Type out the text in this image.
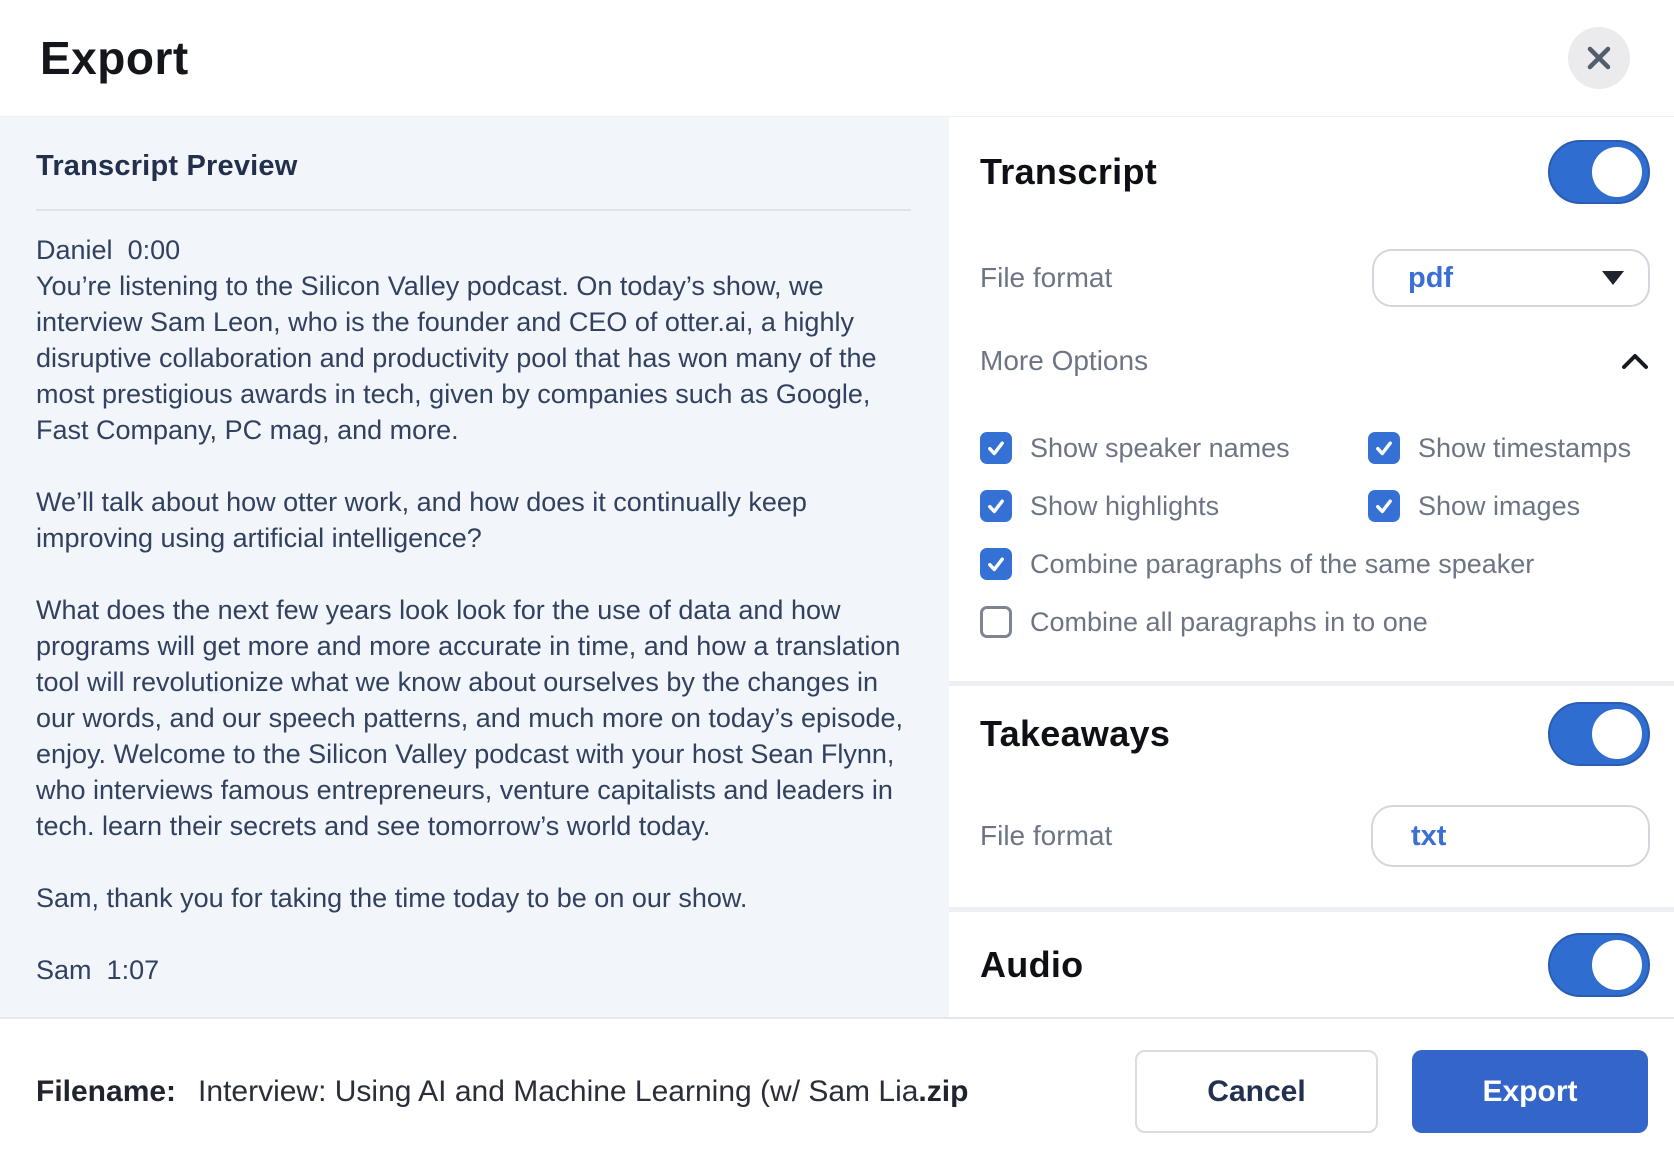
Export
Transcript Preview
Daniel 0:00
You’re listening to the Silicon Valley podcast. On today’s show, we interview Sam Leon, who is the founder and CEO of otter.ai, a highly disruptive collaboration and productivity pool that has won many of the most prestigious awards in tech, given by companies such as Google, Fast Company, PC mag, and more.
We’ll talk about how otter work, and how does it continually keep improving using artificial intelligence?
What does the next few years look look for the use of data and how programs will get more and more accurate in time, and how a translation tool will revolutionize what we know about ourselves by the changes in our words, and our speech patterns, and much more on today’s episode, enjoy. Welcome to the Silicon Valley podcast with your host Sean Flynn, who interviews famous entrepreneurs, venture capitalists and leaders in tech. learn their secrets and see tomorrow’s world today.
Sam, thank you for taking the time today to be on our show.
Sam 1:07
Transcript
File format	pdf
More Options
Show speaker names	Show timestamps
Show highlights	Show images
Combine paragraphs of the same speaker
Combine all paragraphs in to one
Takeaways
File format	txt
Audio
Filename: Interview: Using AI and Machine Learning (w/ Sam Lia .zip	Cancel	Export
